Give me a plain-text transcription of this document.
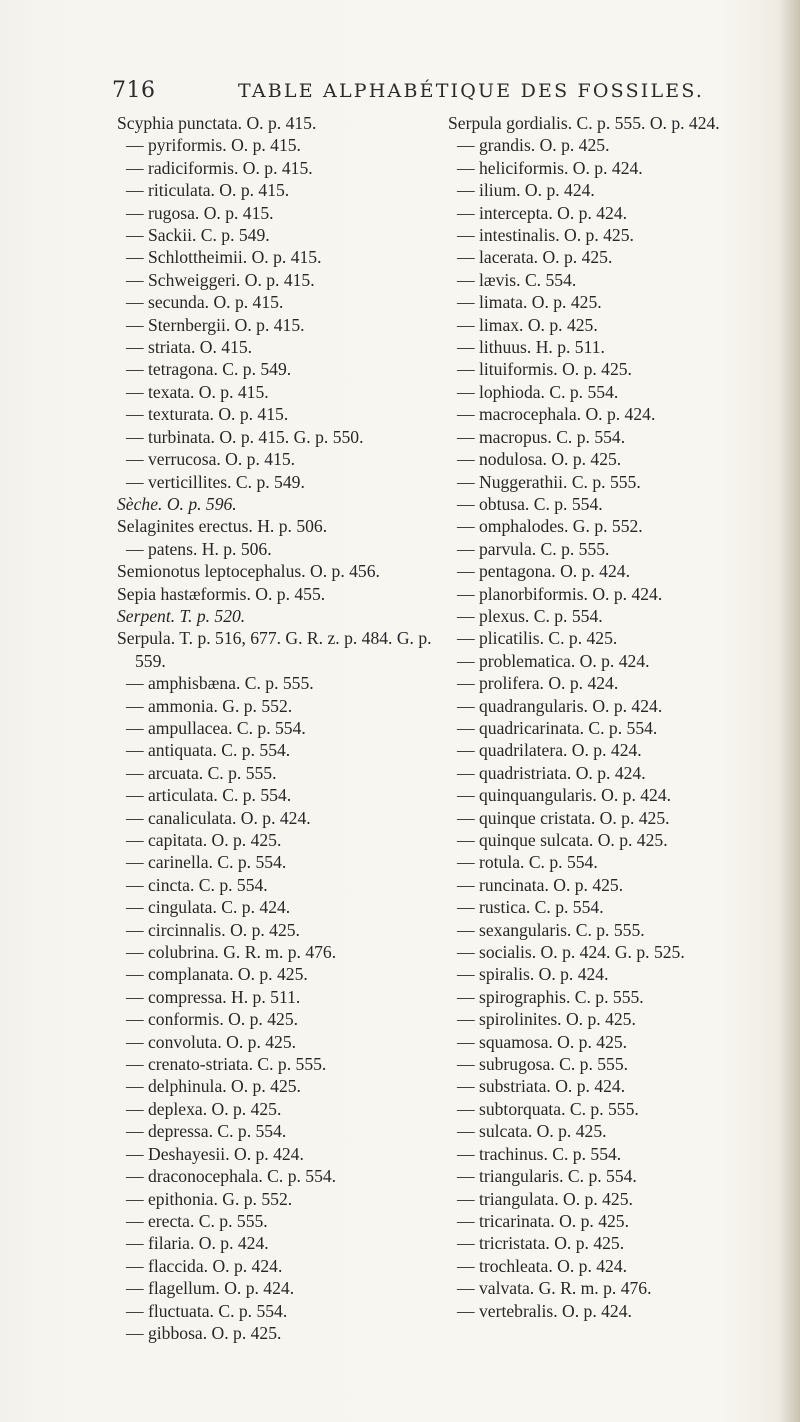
716	TABLE ALPHABÉTIQUE DES FOSSILES.

Scyphia punctata. O. p. 415.

— pyriformis. O. p. 415.

— radiciformis. O. p. 415.

— riticulata. O. p. 415.

— rugosa. O. p. 415.

— Sackii. C. p. 549.

— Schlottheimii. O. p. 415.

— Schweiggeri. O. p. 415.

— secunda. O. p. 415.

— Sternbergii. O. p. 415.

— striata. O. 415.

— tetragona. C. p. 549.

— texata. O. p. 415.

— texturata. O. p. 415.

— turbinata. O. p. 415. G. p. 550.

— verrucosa. O. p. 415.

— verticillites. C. p. 549.

Sèche. O. p. 596.

Selaginites erectus. H. p. 506.

— patens. H. p. 506.

Semionotus leptocephalus. O. p. 456.

Sepia hastæformis. O. p. 455.

Serpent. T. p. 520.

Serpula. T. p. 516, 677. G. R. z. p. 484. G. p. 559.

— amphisbæna. C. p. 555.

— ammonia. G. p. 552.

— ampullacea. C. p. 554.

— antiquata. C. p. 554.

— arcuata. C. p. 555.

— articulata. C. p. 554.

— canaliculata. O. p. 424.

— capitata. O. p. 425.

— carinella. C. p. 554.

— cincta. C. p. 554.

— cingulata. C. p. 424.

— circinnalis. O. p. 425.

— colubrina. G. R. m. p. 476.

— complanata. O. p. 425.

— compressa. H. p. 511.

— conformis. O. p. 425.

— convoluta. O. p. 425.

— crenato-striata. C. p. 555.

— delphinula. O. p. 425.

— deplexa. O. p. 425.

— depressa. C. p. 554.

— Deshayesii. O. p. 424.

— draconocephala. C. p. 554.

— epithonia. G. p. 552.

— erecta. C. p. 555.

— filaria. O. p. 424.

— flaccida. O. p. 424.

— flagellum. O. p. 424.

— fluctuata. C. p. 554.

— gibbosa. O. p. 425.

Serpula gordialis. C. p. 555. O. p. 424.

— grandis. O. p. 425.

— heliciformis. O. p. 424.

— ilium. O. p. 424.

— intercepta. O. p. 424.

— intestinalis. O. p. 425.

— lacerata. O. p. 425.

— lævis. C. 554.

— limata. O. p. 425.

— limax. O. p. 425.

— lithuus. H. p. 511.

— lituiformis. O. p. 425.

— lophioda. C. p. 554.

— macrocephala. O. p. 424.

— macropus. C. p. 554.

— nodulosa. O. p. 425.

— Nuggerathii. C. p. 555.

— obtusa. C. p. 554.

— omphalodes. G. p. 552.

— parvula. C. p. 555.

— pentagona. O. p. 424.

— planorbiformis. O. p. 424.

— plexus. C. p. 554.

— plicatilis. C. p. 425.

— problematica. O. p. 424.

— prolifera. O. p. 424.

— quadrangularis. O. p. 424.

— quadricarinata. C. p. 554.

— quadrilatera. O. p. 424.

— quadristriata. O. p. 424.

— quinquangularis. O. p. 424.

— quinque cristata. O. p. 425.

— quinque sulcata. O. p. 425.

— rotula. C. p. 554.

— runcinata. O. p. 425.

— rustica. C. p. 554.

— sexangularis. C. p. 555.

— socialis. O. p. 424. G. p. 525.

— spiralis. O. p. 424.

— spirographis. C. p. 555.

— spirolinites. O. p. 425.

— squamosa. O. p. 425.

— subrugosa. C. p. 555.

— substriata. O. p. 424.

— subtorquata. C. p. 555.

— sulcata. O. p. 425.

— trachinus. C. p. 554.

— triangularis. C. p. 554.

— triangulata. O. p. 425.

— tricarinata. O. p. 425.

— tricristata. O. p. 425.

— trochleata. O. p. 424.

— valvata. G. R. m. p. 476.

— vertebralis. O. p. 424.
